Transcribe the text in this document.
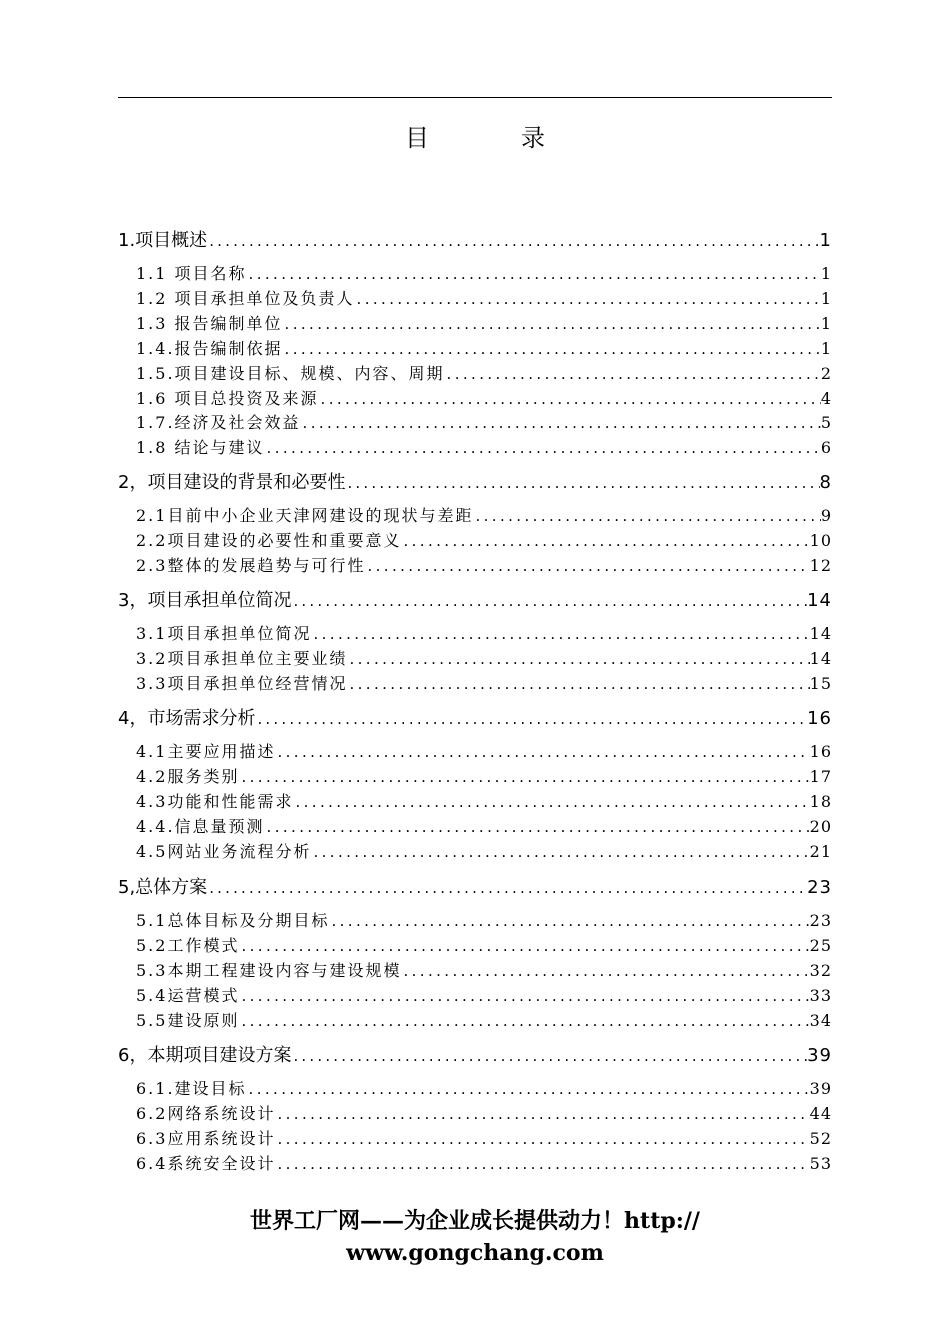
目　录
1.项目概述 .....	1
1.1 项目名称 .....	1
1.2 项目承担单位及负责人 .....	1
1.3 报告编制单位 .....	1
1.4.报告编制依据 .....	1
1.5.项目建设目标、规模、内容、周期 .....	2
1.6 项目总投资及来源 .....	4
1.7.经济及社会效益 .....	5
1.8 结论与建议 .....	6
2，项目建设的背景和必要性 .....	8
2.1目前中小企业天津网建设的现状与差距 .....	9
2.2项目建设的必要性和重要意义 .....	10
2.3整体的发展趋势与可行性 .....	12
3，项目承担单位简况 .....	14
3.1项目承担单位简况 .....	14
3.2项目承担单位主要业绩 .....	14
3.3项目承担单位经营情况 .....	15
4，市场需求分析 .....	16
4.1主要应用描述 .....	16
4.2服务类别 .....	17
4.3功能和性能需求 .....	18
4.4.信息量预测 .....	20
4.5网站业务流程分析 .....	21
5,总体方案 .....	23
5.1总体目标及分期目标 .....	23
5.2工作模式 .....	25
5.3本期工程建设内容与建设规模 .....	32
5.4运营模式 .....	33
5.5建设原则 .....	34
6，本期项目建设方案 .....	39
6.1.建设目标 .....	39
6.2网络系统设计 .....	44
6.3应用系统设计 .....	52
6.4系统安全设计 .....	53
世界工厂网——为企业成长提供动力！http://
www.gongchang.com
